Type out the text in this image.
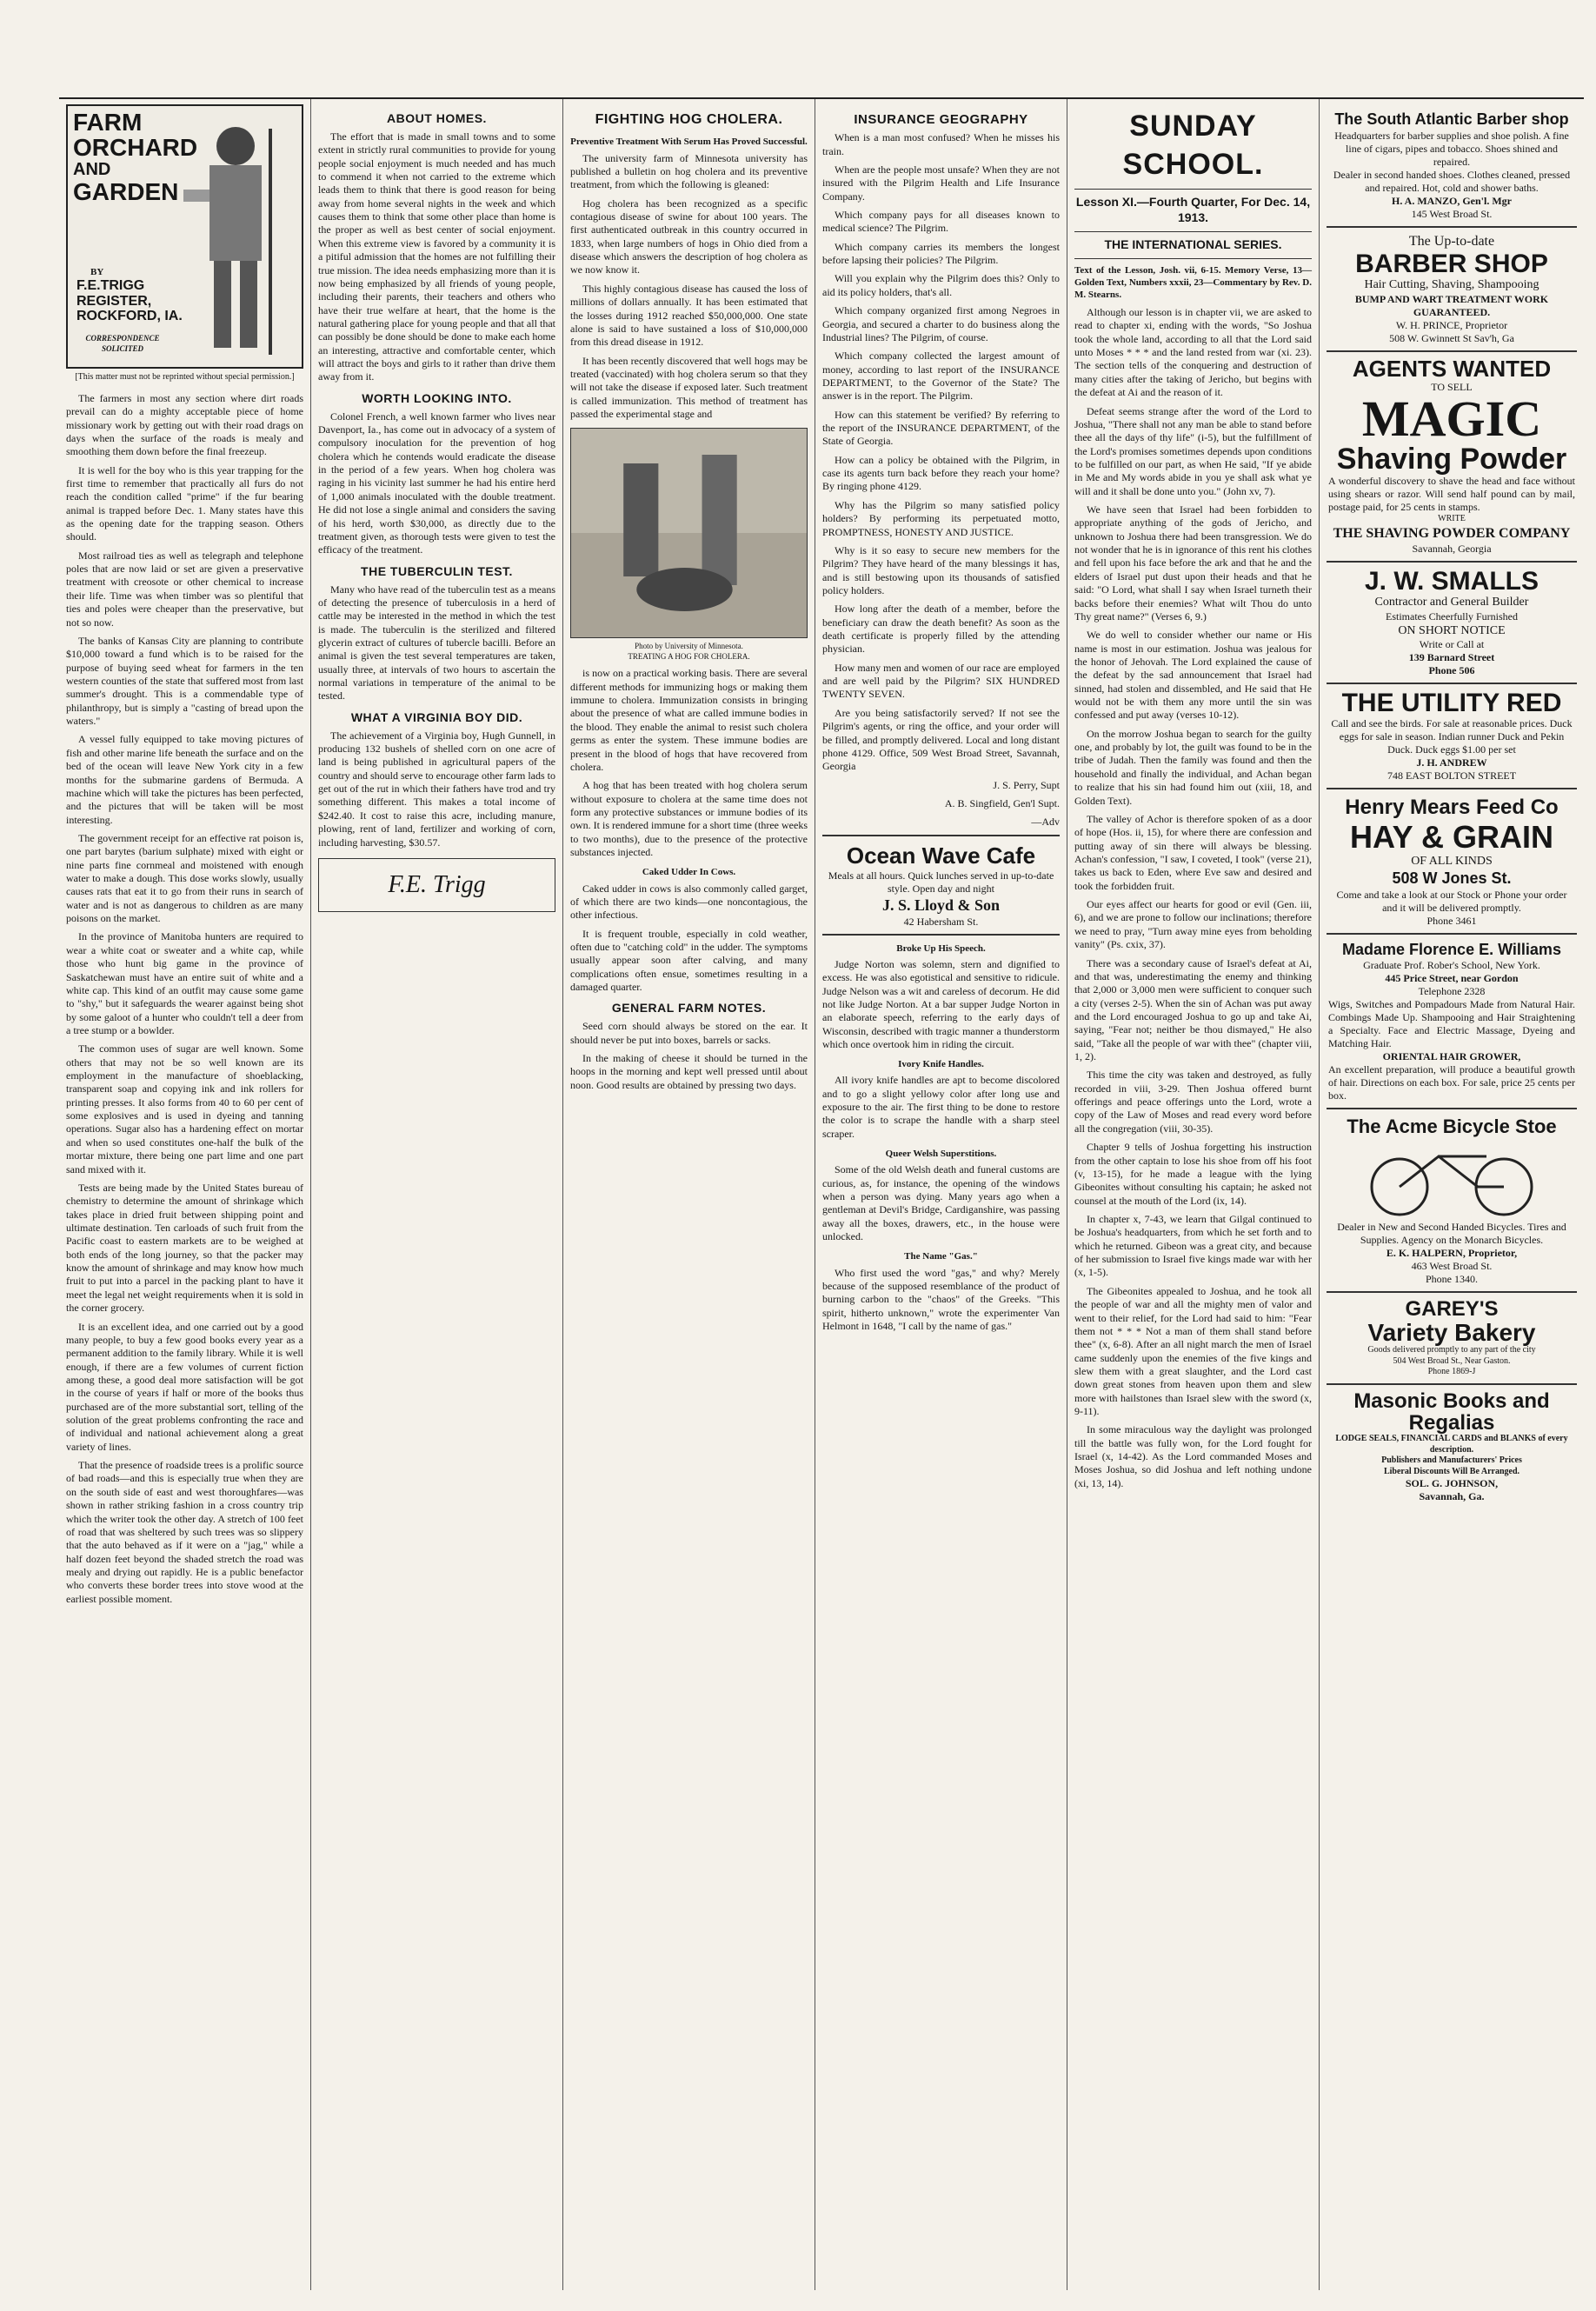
FARM
ORCHARD
AND
GARDEN
BY
F.E.TRIGG
REGISTER,
ROCKFORD, IA.
CORRESPONDENCE SOLICITED
[This matter must not be reprinted without special permission.]

The farmers in most any section where dirt roads prevail can do a mighty acceptable piece of home missionary work by getting out with their road drags on days when the surface of the roads is mealy and smoothing them down before the final freezeup.

It is well for the boy who is this year trapping for the first time to remember that practically all furs do not reach the condition called "prime" if the fur bearing animal is trapped before Dec. 1. Many states have this as the opening date for the trapping season. Others should.

Most railroad ties as well as telegraph and telephone poles that are now laid or set are given a preservative treatment with creosote or other chemical to increase their life. Time was when timber was so plentiful that ties and poles were cheaper than the preservative, but not so now.

The banks of Kansas City are planning to contribute $10,000 toward a fund which is to be raised for the purpose of buying seed wheat for farmers in the ten western counties of the state that suffered most from last summer's drought. This is a commendable type of philanthropy, but is simply a "casting of bread upon the waters."

A vessel fully equipped to take moving pictures of fish and other marine life beneath the surface and on the bed of the ocean will leave New York city in a few months for the submarine gardens of Bermuda. A machine which will take the pictures has been perfected, and the pictures that will be taken will be most interesting.

The government receipt for an effective rat poison is, one part barytes (barium sulphate) mixed with eight or nine parts fine cornmeal and moistened with enough water to make a dough. This dose works slowly, usually causes rats that eat it to go from their runs in search of water and is not as dangerous to children as are many poisons on the market.

In the province of Manitoba hunters are required to wear a white coat or sweater and a white cap, while those who hunt big game in the province of Saskatchewan must have an entire suit of white and a white cap. This kind of an outfit may cause some game to "shy," but it safeguards the wearer against being shot by some galoot of a hunter who couldn't tell a deer from a tree stump or a bowlder.

The common uses of sugar are well known. Some others that may not be so well known are its employment in the manufacture of shoeblacking, transparent soap and copying ink and ink rollers for printing presses. It also forms from 40 to 60 per cent of some explosives and is used in dyeing and tanning operations. Sugar also has a hardening effect on mortar and when so used constitutes one-half the bulk of the mortar mixture, there being one part lime and one part sand mixed with it.

Tests are being made by the United States bureau of chemistry to determine the amount of shrinkage which takes place in dried fruit between shipping point and ultimate destination. Ten carloads of such fruit from the Pacific coast to eastern markets are to be weighed at both ends of the long journey, so that the packer may know the amount of shrinkage and may know how much fruit to put into a parcel in the packing plant to have it meet the legal net weight requirements when it is sold in the corner grocery.

It is an excellent idea, and one carried out by a good many people, to buy a few good books every year as a permanent addition to the family library. While it is well enough, if there are a few volumes of current fiction among these, a good deal more satisfaction will be got in the course of years if half or more of the books thus purchased are of the more substantial sort, telling of the solution of the great problems confronting the race and of individual and national achievement along a great variety of lines.

That the presence of roadside trees is a prolific source of bad roads—and this is especially true when they are on the south side of east and west thoroughfares—was shown in rather striking fashion in a cross country trip which the writer took the other day. A stretch of 100 feet of road that was sheltered by such trees was so slippery that the auto behaved as if it were on a "jag," while a half dozen feet beyond the shaded stretch the road was mealy and drying out rapidly. He is a public benefactor who converts these border trees into stove wood at the earliest possible moment.

ABOUT HOMES.

The effort that is made in small towns and to some extent in strictly rural communities to provide for young people social enjoyment is much needed and has much to commend it when not carried to the extreme which leads them to think that there is good reason for being away from home several nights in the week and which causes them to think that some other place than home is the proper as well as best center of social enjoyment. When this extreme view is favored by a community it is a pitiful admission that the homes are not fulfilling their true mission. The idea needs emphasizing more than it is now being emphasized by all friends of young people, including their parents, their teachers and others who have their true welfare at heart, that the home is the natural gathering place for young people and that all that can possibly be done should be done to make each home an interesting, attractive and comfortable center, which will attract the boys and girls to it rather than drive them away from it.

WORTH LOOKING INTO.

Colonel French, a well known farmer who lives near Davenport, Ia., has come out in advocacy of a system of compulsory inoculation for the prevention of hog cholera which he contends would eradicate the disease in the period of a few years. When hog cholera was raging in his vicinity last summer he had his entire herd of 1,000 animals inoculated with the double treatment. He did not lose a single animal and considers the saving of his herd, worth $30,000, as directly due to the treatment given, as thorough tests were given to test the efficacy of the treatment.

THE TUBERCULIN TEST.

Many who have read of the tuberculin test as a means of detecting the presence of tuberculosis in a herd of cattle may be interested in the method in which the test is made. The tuberculin is the sterilized and filtered glycerin extract of cultures of tubercle bacilli. Before an animal is given the test several temperatures are taken, usually three, at intervals of two hours to ascertain the normal variations in temperature of the animal to be tested.

WHAT A VIRGINIA BOY DID.

The achievement of a Virginia boy, Hugh Gunnell, in producing 132 bushels of shelled corn on one acre of land is being published in agricultural papers of the country and should serve to encourage other farm lads to get out of the rut in which their fathers have trod and try something different. This makes a total income of $242.40. It cost to raise this acre, including manure, plowing, rent of land, fertilizer and working of corn, including harvesting, $30.57.

F.E. Trigg
FIGHTING HOG CHOLERA.
Preventive Treatment With Serum Has Proved Successful.

The university farm of Minnesota university has published a bulletin on hog cholera and its preventive treatment, from which the following is gleaned:

Hog cholera has been recognized as a specific contagious disease of swine for about 100 years. The first authenticated outbreak in this country occurred in 1833, when large numbers of hogs in Ohio died from a disease which answers the description of hog cholera as we now know it.

This highly contagious disease has caused the loss of millions of dollars annually. It has been estimated that the losses during 1912 reached $50,000,000. One state alone is said to have sustained a loss of $10,000,000 from this dread disease in 1912.

It has been recently discovered that well hogs may be treated (vaccinated) with hog cholera serum so that they will not take the disease if exposed later. Such treatment is called immunization. This method of treatment has passed the experimental stage and

Photo by University of Minnesota.

TREATING A HOG FOR CHOLERA.

is now on a practical working basis. There are several different methods for immunizing hogs or making them immune to cholera. Immunization consists in bringing about the presence of what are called immune bodies in the blood. They enable the animal to resist such cholera germs as enter the system. These immune bodies are present in the blood of hogs that have recovered from cholera.

A hog that has been treated with hog cholera serum without exposure to cholera at the same time does not form any protective substances or immune bodies of its own. It is rendered immune for a short time (three weeks to two months), due to the presence of the protective substances injected.

Caked Udder In Cows.

Caked udder in cows is also commonly called garget, of which there are two kinds—one noncontagious, the other infectious.

It is frequent trouble, especially in cold weather, often due to "catching cold" in the udder. The symptoms usually appear soon after calving, and many complications often ensue, sometimes resulting in a damaged quarter.

GENERAL FARM NOTES.

Seed corn should always be stored on the ear. It should never be put into boxes, barrels or sacks.

In the making of cheese it should be turned in the hoops in the morning and kept well pressed until about noon. Good results are obtained by pressing two days.

INSURANCE GEOGRAPHY

When is a man most confused? When he misses his train.

When are the people most unsafe? When they are not insured with the Pilgrim Health and Life Insurance Company.

Which company pays for all diseases known to medical science? The Pilgrim.

Which company carries its members the longest before lapsing their policies? The Pilgrim.

Will you explain why the Pilgrim does this? Only to aid its policy holders, that's all.

Which company organized first among Negroes in Georgia, and secured a charter to do business along the Industrial lines? The Pilgrim, of course.

Which company collected the largest amount of money, according to last report of the INSURANCE DEPARTMENT, to the Governor of the State? The answer is in the report. The Pilgrim.

How can this statement be verified? By referring to the report of the INSURANCE DEPARTMENT, of the State of Georgia.

How can a policy be obtained with the Pilgrim, in case its agents turn back before they reach your home? By ringing phone 4129.

Why has the Pilgrim so many satisfied policy holders? By performing its perpetuated motto, PROMPTNESS, HONESTY AND JUSTICE.

Why is it so easy to secure new members for the Pilgrim? They have heard of the many blessings it has, and is still bestowing upon its thousands of satisfied policy holders.

How long after the death of a member, before the beneficiary can draw the death benefit? As soon as the death certificate is properly filled by the attending physician.

How many men and women of our race are employed and are well paid by the Pilgrim? SIX HUNDRED TWENTY SEVEN.

Are you being satisfactorily served? If not see the Pilgrim's agents, or ring the office, and your order will be filled, and promptly delivered. Local and long distant phone 4129. Office, 509 West Broad Street, Savannah, Georgia

J. S. Perry, Supt

A. B. Singfield, Gen'l Supt.

—Adv

Ocean Wave Cafe
Meals at all hours. Quick lunches served in up-to-date style. Open day and night
J. S. Lloyd & Son
42 Habersham St.
Broke Up His Speech.

Judge Norton was solemn, stern and dignified to excess. He was also egotistical and sensitive to ridicule. Judge Nelson was a wit and careless of decorum. He did not like Judge Norton. At a bar supper Judge Norton in an elaborate speech, referring to the early days of Wisconsin, described with tragic manner a thunderstorm which once overtook him in riding the circuit.

Ivory Knife Handles.

All ivory knife handles are apt to become discolored and to go a slight yellowy color after long use and exposure to the air. The first thing to be done to restore the color is to scrape the handle with a sharp steel scraper.

Queer Welsh Superstitions.

Some of the old Welsh death and funeral customs are curious, as, for instance, the opening of the windows when a person was dying. Many years ago when a gentleman at Devil's Bridge, Cardiganshire, was passing away all the boxes, drawers, etc., in the house were unlocked.

The Name "Gas."

Who first used the word "gas," and why? Merely because of the supposed resemblance of the product of burning carbon to the "chaos" of the Greeks. "This spirit, hitherto unknown," wrote the experimenter Van Helmont in 1648, "I call by the name of gas."

SUNDAY SCHOOL.
Lesson XI.—Fourth Quarter, For Dec. 14, 1913.
THE INTERNATIONAL SERIES.

Text of the Lesson, Josh. vii, 6-15. Memory Verse, 13—Golden Text, Numbers xxxii, 23—Commentary by Rev. D. M. Stearns.

Although our lesson is in chapter vii, we are asked to read to chapter xi, ending with the words, "So Joshua took the whole land, according to all that the Lord said unto Moses * * * and the land rested from war (xi. 23). The section tells of the conquering and destruction of many cities after the taking of Jericho, but begins with the defeat at Ai and the reason of it.

Defeat seems strange after the word of the Lord to Joshua, "There shall not any man be able to stand before thee all the days of thy life" (i-5), but the fulfillment of the Lord's promises sometimes depends upon conditions to be fulfilled on our part, as when He said, "If ye abide in Me and My words abide in you ye shall ask what ye will and it shall be done unto you." (John xv, 7).

We have seen that Israel had been forbidden to appropriate anything of the gods of Jericho, and unknown to Joshua there had been transgression. We do not wonder that he is in ignorance of this rent his clothes and fell upon his face before the ark and that he and the elders of Israel put dust upon their heads and that he said: "O Lord, what shall I say when Israel turneth their backs before their enemies? What wilt Thou do unto Thy great name?" (Verses 6, 9.)

We do well to consider whether our name or His name is most in our estimation. Joshua was jealous for the honor of Jehovah. The Lord explained the cause of the defeat by the sad announcement that Israel had sinned, had stolen and dissembled, and He said that He would not be with them any more until the sin was confessed and put away (verses 10-12).

On the morrow Joshua began to search for the guilty one, and probably by lot, the guilt was found to be in the tribe of Judah. Then the family was found and then the household and finally the individual, and Achan began to realize that his sin had found him out (xiii, 18, and Golden Text).

The valley of Achor is therefore spoken of as a door of hope (Hos. ii, 15), for where there are confession and putting away of sin there will always be blessing. Achan's confession, "I saw, I coveted, I took" (verse 21), takes us back to Eden, where Eve saw and desired and took the forbidden fruit.

Our eyes affect our hearts for good or evil (Gen. iii, 6), and we are prone to follow our inclinations; therefore we need to pray, "Turn away mine eyes from beholding vanity" (Ps. cxix, 37).

There was a secondary cause of Israel's defeat at Ai, and that was, underestimating the enemy and thinking that 2,000 or 3,000 men were sufficient to conquer such a city (verses 2-5). When the sin of Achan was put away and the Lord encouraged Joshua to go up and take Ai, saying, "Fear not; neither be thou dismayed," He also said, "Take all the people of war with thee" (chapter viii, 1, 2).

This time the city was taken and destroyed, as fully recorded in viii, 3-29. Then Joshua offered burnt offerings and peace offerings unto the Lord, wrote a copy of the Law of Moses and read every word before all the congregation (viii, 30-35).

Chapter 9 tells of Joshua forgetting his instruction from the other captain to lose his shoe from off his foot (v, 13-15), for he made a league with the lying Gibeonites without consulting his captain; he asked not counsel at the mouth of the Lord (ix, 14).

In chapter x, 7-43, we learn that Gilgal continued to be Joshua's headquarters, from which he set forth and to which he returned. Gibeon was a great city, and because of her submission to Israel five kings made war with her (x, 1-5).

The Gibeonites appealed to Joshua, and he took all the people of war and all the mighty men of valor and went to their relief, for the Lord had said to him: "Fear them not * * * Not a man of them shall stand before thee" (x, 6-8). After an all night march the men of Israel came suddenly upon the enemies of the five kings and slew them with a great slaughter, and the Lord cast down great stones from heaven upon them and slew more with hailstones than Israel slew with the sword (x, 9-11).

In some miraculous way the daylight was prolonged till the battle was fully won, for the Lord fought for Israel (x, 14-42). As the Lord commanded Moses and Moses Joshua, so did Joshua and left nothing undone (xi, 13, 14).

The South Atlantic Barber shop
Headquarters for barber supplies and shoe polish. A fine line of cigars, pipes and tobacco. Shoes shined and repaired.
Dealer in second handed shoes. Clothes cleaned, pressed and repaired. Hot, cold and shower baths.
H. A. MANZO, Gen'l. Mgr
145 West Broad St.
The Up-to-date
BARBER SHOP
Hair Cutting, Shaving, Shampooing
BUMP AND WART TREATMENT WORK GUARANTEED.
W. H. PRINCE, Proprietor
508 W. Gwinnett St Sav'h, Ga
AGENTS WANTED
TO SELL
MAGIC
Shaving Powder
A wonderful discovery to shave the head and face without using shears or razor. Will send half pound can by mail, postage paid, for 25 cents in stamps.
WRITE
THE SHAVING POWDER COMPANY
Savannah, Georgia
J. W. SMALLS
Contractor and General Builder
Estimates Cheerfully Furnished
ON SHORT NOTICE
Write or Call at
139 Barnard Street
Phone 506
THE UTILITY RED
Call and see the birds. For sale at reasonable prices. Duck eggs for sale in season. Indian runner Duck and Pekin Duck. Duck eggs $1.00 per set
J. H. ANDREW
748 EAST BOLTON STREET
Henry Mears Feed Co
HAY & GRAIN
OF ALL KINDS
508 W Jones St.
Come and take a look at our Stock or Phone your order and it will be delivered promptly.
Phone 3461
Madame Florence E. Williams
Graduate Prof. Rober's School, New York.
445 Price Street, near Gordon
Telephone 2328
Wigs, Switches and Pompadours Made from Natural Hair. Combings Made Up. Shampooing and Hair Straightening a Specialty. Face and Electric Massage, Dyeing and Matching Hair.
ORIENTAL HAIR GROWER,
An excellent preparation, will produce a beautiful growth of hair. Directions on each box. For sale, price 25 cents per box.
The Acme Bicycle Stoe
Dealer in New and Second Handed Bicycles. Tires and Supplies. Agency on the Monarch Bicycles.
E. K. HALPERN, Proprietor,
463 West Broad St.
Phone 1340.
GAREY'S
Variety Bakery
Goods delivered promptly to any part of the city
504 West Broad St., Near Gaston.
Phone 1869-J
Masonic Books and Regalias
LODGE SEALS, FINANCIAL CARDS and BLANKS of every description.
Publishers and Manufacturers' Prices
Liberal Discounts Will Be Arranged.
SOL. G. JOHNSON,
Savannah, Ga.
